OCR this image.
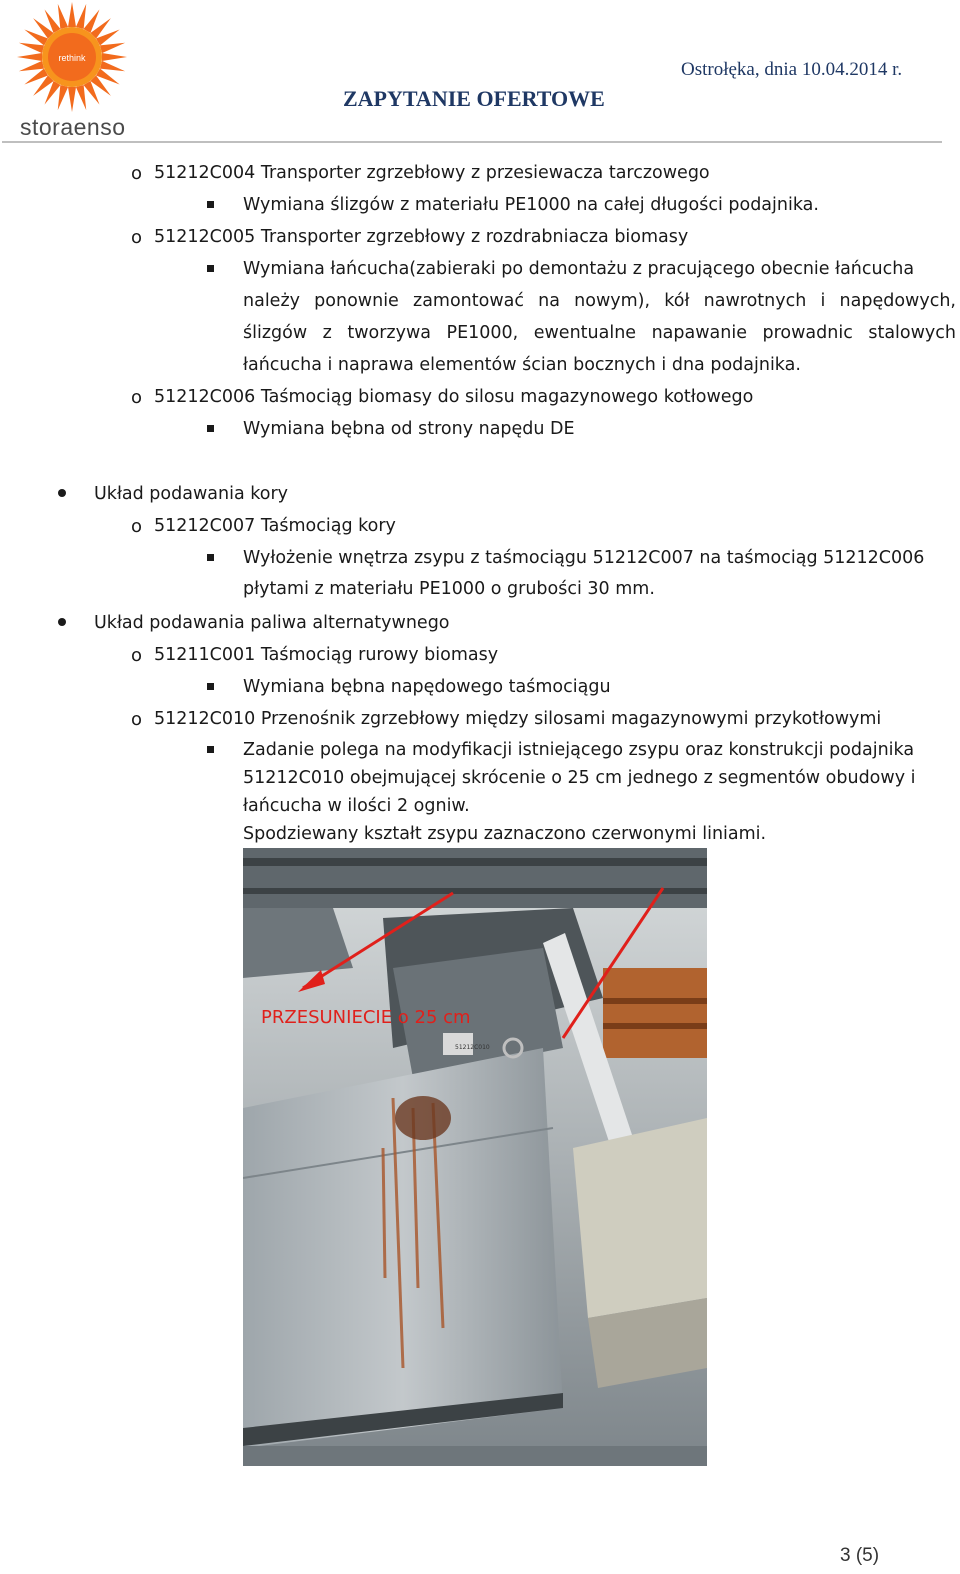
rethink
storaenso
ZAPYTANIE OFERTOWE
Ostrołęka, dnia 10.04.2014 r.
o 51212C004 Transporter zgrzebłowy z przesiewacza tarczowego
Wymiana ślizgów z materiału PE1000 na całej długości podajnika.
o 51212C005 Transporter zgrzebłowy z rozdrabniacza biomasy
Wymiana łańcucha(zabieraki po demontażu z pracującego obecnie łańcucha
należy ponownie zamontować na nowym), kół nawrotnych i napędowych,
ślizgów z tworzywa PE1000, ewentualne napawanie prowadnic stalowych
łańcucha i naprawa elementów ścian bocznych i dna podajnika.
o 51212C006 Taśmociąg biomasy do silosu magazynowego kotłowego
Wymiana bębna od strony napędu DE
Układ podawania kory
o 51212C007 Taśmociąg kory
Wyłożenie wnętrza zsypu z taśmociągu 51212C007 na taśmociąg 51212C006
płytami z materiału PE1000 o grubości 30 mm.
Układ podawania paliwa alternatywnego
o 51211C001 Taśmociąg rurowy biomasy
Wymiana bębna napędowego taśmociągu
o 51212C010 Przenośnik zgrzebłowy między silosami magazynowymi przykotłowymi
Zadanie polega na modyfikacji istniejącego zsypu oraz konstrukcji podajnika
51212C010 obejmującej skrócenie o 25 cm jednego z segmentów obudowy i
łańcucha w ilości 2 ogniw.
Spodziewany kształt zsypu zaznaczono czerwonymi liniami.
PRZESUNIECIE o 25 cm
51212C010
3 (5)
